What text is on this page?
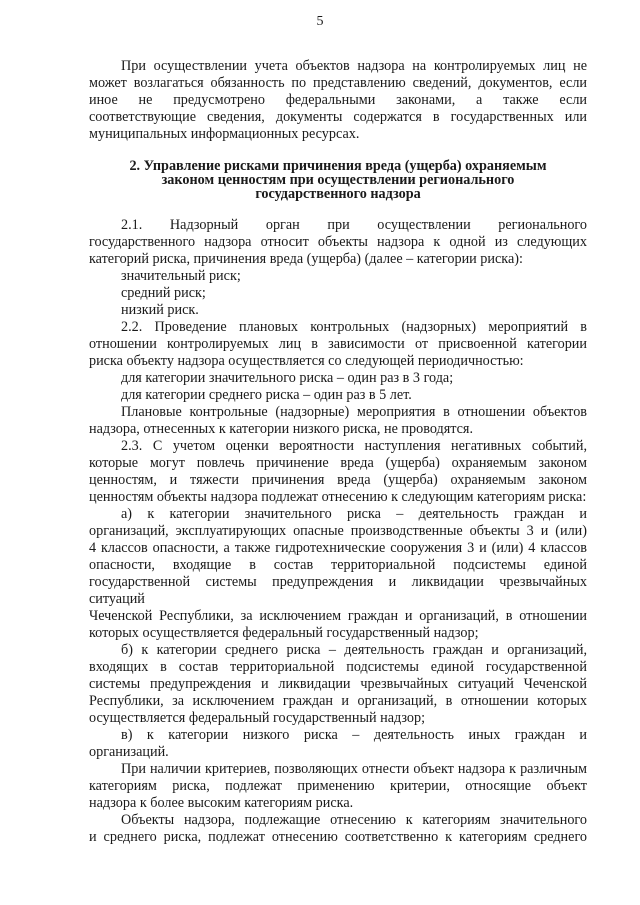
5

При осуществлении учета объектов надзора на контролируемых лиц не

может возлагаться обязанность по представлению сведений, документов, если

иное не предусмотрено федеральными законами, а также если

соответствующие сведения, документы содержатся в государственных или

муниципальных информационных ресурсах.

2. Управление рисками причинения вреда (ущерба) охраняемым
законом ценностям при осуществлении регионального
государственного надзора

2.1. Надзорный орган при осуществлении регионального

государственного надзора относит объекты надзора к одной из следующих

категорий риска, причинения вреда (ущерба) (далее – категории риска):

значительный риск;

средний риск;

низкий риск.

2.2. Проведение плановых контрольных (надзорных) мероприятий в

отношении контролируемых лиц в зависимости от присвоенной категории

риска объекту надзора осуществляется со следующей периодичностью:

для категории значительного риска – один раз в 3 года;

для категории среднего риска – один раз в 5 лет.

Плановые контрольные (надзорные) мероприятия в отношении объектов

надзора, отнесенных к категории низкого риска, не проводятся.

2.3. С учетом оценки вероятности наступления негативных событий,

которые могут повлечь причинение вреда (ущерба) охраняемым законом

ценностям, и тяжести причинения вреда (ущерба) охраняемым законом

ценностям объекты надзора подлежат отнесению к следующим категориям риска:

а) к категории значительного риска – деятельность граждан и

организаций, эксплуатирующих опасные производственные объекты 3 и (или)

4 классов опасности, а также гидротехнические сооружения 3 и (или) 4 классов

опасности, входящие в состав территориальной подсистемы единой

государственной системы предупреждения и ликвидации чрезвычайных ситуаций

Чеченской Республики, за исключением граждан и организаций, в отношении

которых осуществляется федеральный государственный надзор;

б) к категории среднего риска – деятельность граждан и организаций,

входящих в состав территориальной подсистемы единой государственной

системы предупреждения и ликвидации чрезвычайных ситуаций Чеченской

Республики, за исключением граждан и организаций, в отношении которых

осуществляется федеральный государственный надзор;

в) к категории низкого риска – деятельность иных граждан и

организаций.

При наличии критериев, позволяющих отнести объект надзора к различным

категориям риска, подлежат применению критерии, относящие объект

надзора к более высоким категориям риска.

Объекты надзора, подлежащие отнесению к категориям значительного

и среднего риска, подлежат отнесению соответственно к категориям среднего
